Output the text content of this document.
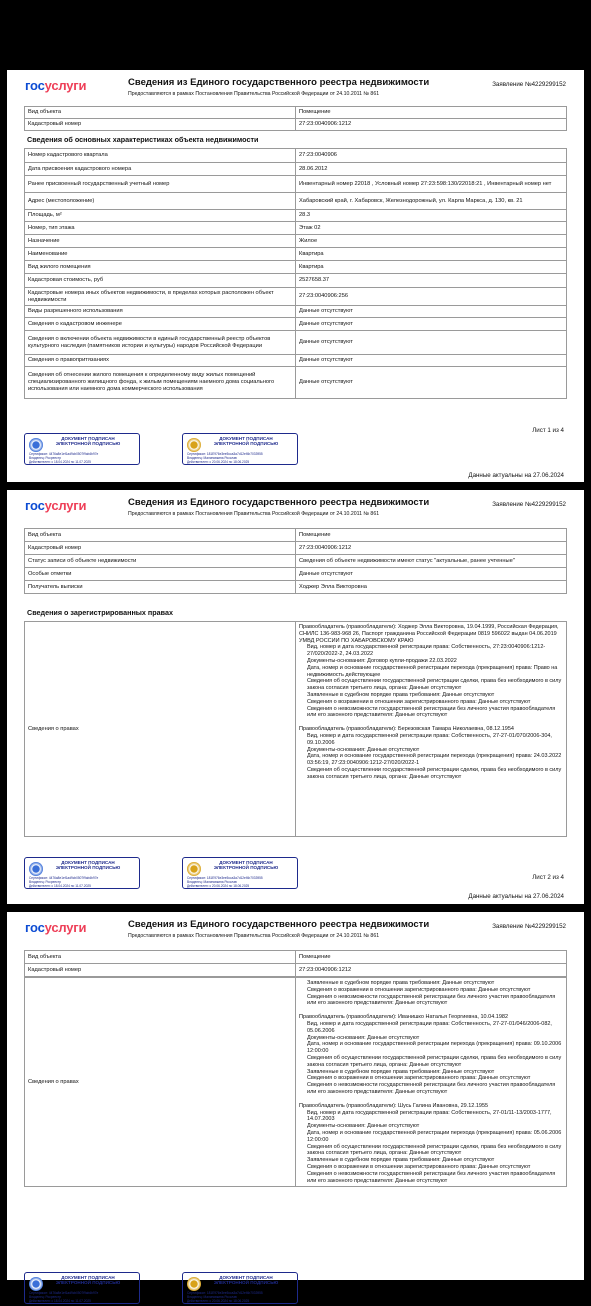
госуслуги	Сведения из Единого государственного реестра недвижимости
Предоставляются в рамках Постановления Правительства Российской Федерации от 24.10.2011 № 861
Заявление №4229299152
Вид объекта	Помещение
Кадастровый номер	27:23:0040906:1212
Сведения об основных характеристиках объекта недвижимости
Номер кадастрового квартала	27:23:0040906
Дата присвоения кадастрового номера	28.06.2012
Ранее присвоенный государственный учетный номер	Инвентарный номер 22018 , Условный номер 27:23:598:130/22018:21 , Инвентарный номер нет
Адрес (местоположение)	Хабаровский край, г. Хабаровск, Железнодорожный, ул. Карла Маркса, д. 130, кв. 21
Площадь, м²	28.3
Номер, тип этажа	Этаж 02
Назначение	Жилое
Наименование	Квартира
Вид жилого помещения	Квартира
Кадастровая стоимость, руб	2527658.37
Кадастровые номера иных объектов недвижимости, в пределах которых расположен объект недвижимости	27:23:0040906:256
Виды разрешенного использования	Данные отсутствуют
Сведения о кадастровом инженере	Данные отсутствуют
Сведения о включении объекта недвижимости в единый государственный реестр объектов культурного наследия (памятников истории и культуры) народов Российской Федерации	Данные отсутствуют
Сведения о правопритязаниях	Данные отсутствуют
Сведения об отнесении жилого помещения к определенному виду жилых помещений специализированного жилищного фонда, к жилым помещениям наемного дома социального использования или наемного дома коммерческого использования	Данные отсутствуют
ДОКУМЕНТ ПОДПИСАН ЭЛЕКТРОННОЙ ПОДПИСЬЮ
Сертификат: 4476a8e1ef1ad9cb0507f9ab4b97e
Владелец: Росреестр
Действителен: с 18.04.2024 по 11.07.2025
ДОКУМЕНТ ПОДПИСАН ЭЛЕКТРОННОЙ ПОДПИСЬЮ
Сертификат: 181E976e3ee5cca3a7d12ef4b7033955
Владелец: Малиновкина Росслав
Действителен: с 20.06.2024 по 18.06.2025
Лист 1 из 4
Данные актуальны на 27.06.2024
госуслуги	Сведения из Единого государственного реестра недвижимости
Предоставляются в рамках Постановления Правительства Российской Федерации от 24.10.2011 № 861
Заявление №4229299152
Вид объекта	Помещение
Кадастровый номер	27:23:0040906:1212
Статус записи об объекте недвижимости	Сведения об объекте недвижимости имеют статус "актуальные, ранее учтенные"
Особые отметки	Данные отсутствуют
Получатель выписки	Ходжер Элла Викторовна
Сведения о зарегистрированных правах
Сведения о правах	
Правообладатель (правообладатели): Ходжер Элла Викторовна, 19.04.1999, Российская Федерация, СНИЛС 136-983-968 26, Паспорт гражданина Российской Федерации 0819 596022 выдан 04.06.2019 УМВД РОССИИ ПО ХАБАРОВСКОМУ КРАЮ
Вид, номер и дата государственной регистрации права: Собственность, 27:23:0040906:1212-27/020/2022-2, 24.03.2022
Документы-основания: Договор купли-продажи 22.03.2022
Дата, номер и основание государственной регистрации перехода (прекращения) права: Право на недвижимость действующее
Сведения об осуществлении государственной регистрации сделки, права без необходимого в силу закона согласия третьего лица, органа: Данные отсутствуют
Заявленные в судебном порядке права требования: Данные отсутствуют
Сведения о возражении в отношении зарегистрированного права: Данные отсутствуют
Сведения о невозможности государственной регистрации без личного участия правообладателя или его законного представителя: Данные отсутствуют
Правообладатель (правообладатели): Березовская Тамара Николаевна, 08.12.1954
Вид, номер и дата государственной регистрации права: Собственность, 27-27-01/070/2006-304, 09.10.2006
Документы-основания: Данные отсутствуют
Дата, номер и основание государственной регистрации перехода (прекращения) права: 24.03.2022 03:56:19, 27:23:0040906:1212-27/020/2022-1
Сведения об осуществлении государственной регистрации сделки, права без необходимого в силу закона согласия третьего лица, органа: Данные отсутствуют
ДОКУМЕНТ ПОДПИСАН ЭЛЕКТРОННОЙ ПОДПИСЬЮ
Сертификат: 4476a8e1ef1ad9cb0507f9ab4b97e
Владелец: Росреестр
Действителен: с 18.04.2024 по 11.07.2025
ДОКУМЕНТ ПОДПИСАН ЭЛЕКТРОННОЙ ПОДПИСЬЮ
Сертификат: 181E976e3ee5cca3a7d12ef4b7033955
Владелец: Малиновкина Росслав
Действителен: с 20.06.2024 по 18.06.2025
Лист 2 из 4
Данные актуальны на 27.06.2024
госуслуги	Сведения из Единого государственного реестра недвижимости
Предоставляются в рамках Постановления Правительства Российской Федерации от 24.10.2011 № 861
Заявление №4229299152
Вид объекта	Помещение
Кадастровый номер	27:23:0040906:1212
Сведения о правах	
Заявленные в судебном порядке права требования: Данные отсутствуют
Сведения о возражении в отношении зарегистрированного права: Данные отсутствуют
Сведения о невозможности государственной регистрации без личного участия правообладателя или его законного представителя: Данные отсутствуют
Правообладатель (правообладатели): Иванишко Наталья Георгиевна, 10.04.1982
Вид, номер и дата государственной регистрации права: Собственность, 27-27-01/046/2006-082, 05.06.2006
Документы-основания: Данные отсутствуют
Дата, номер и основание государственной регистрации перехода (прекращения) права: 09.10.2006 12:00:00
Сведения об осуществлении государственной регистрации сделки, права без необходимого в силу закона согласия третьего лица, органа: Данные отсутствуют
Заявленные в судебном порядке права требования: Данные отсутствуют
Сведения о возражении в отношении зарегистрированного права: Данные отсутствуют
Сведения о невозможности государственной регистрации без личного участия правообладателя или его законного представителя: Данные отсутствуют
Правообладатель (правообладатели): Шусь Галина Ивановна, 29.12.1955
Вид, номер и дата государственной регистрации права: Собственность, 27-01/11-13/2003-1777, 14.07.2003
Документы-основания: Данные отсутствуют
Дата, номер и основание государственной регистрации перехода (прекращения) права: 05.06.2006 12:00:00
Сведения об осуществлении государственной регистрации сделки, права без необходимого в силу закона согласия третьего лица, органа: Данные отсутствуют
Заявленные в судебном порядке права требования: Данные отсутствуют
Сведения о возражении в отношении зарегистрированного права: Данные отсутствуют
Сведения о невозможности государственной регистрации без личного участия правообладателя или его законного представителя: Данные отсутствуют
ДОКУМЕНТ ПОДПИСАН ЭЛЕКТРОННОЙ ПОДПИСЬЮ
Сертификат: 4476a8e1ef1ad9cb0507f9ab4b97e
Владелец: Росреестр
Действителен: с 18.04.2024 по 11.07.2025
ДОКУМЕНТ ПОДПИСАН ЭЛЕКТРОННОЙ ПОДПИСЬЮ
Сертификат: 181E976e3ee5cca3a7d12ef4b7033955
Владелец: Малиновкина Росслав
Действителен: с 20.06.2024 по 18.06.2025
